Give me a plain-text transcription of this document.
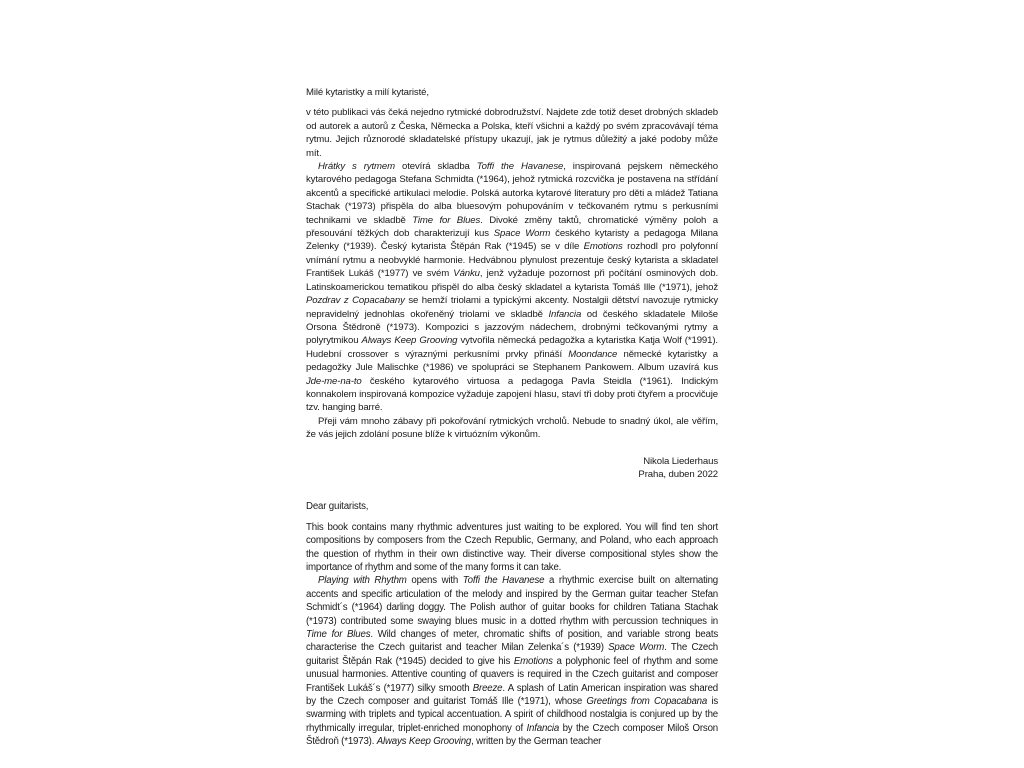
Milé kytaristky a milí kytaristé,

v této publikaci vás čeká nejedno rytmické dobrodružství. Najdete zde totiž deset drobných skladeb od autorek a autorů z Česka, Německa a Polska, kteří všichni a každý po svém zpracovávají téma rytmu. Jejich různorodé skladatelské přístupy ukazují, jak je rytmus důležitý a jaké podoby může mít.

Hrátky s rytmem otevírá skladba Toffi the Havanese, inspirovaná pejskem německého kytarového pedagoga Stefana Schmidta (*1964), jehož rytmická rozcvička je postavena na střídání akcentů a specifické artikulaci melodie. Polská autorka kytarové literatury pro děti a mládež Tatiana Stachak (*1973) přispěla do alba bluesovým pohupováním v tečkovaném rytmu s perkusními technikami ve skladbě Time for Blues. Divoké změny taktů, chromatické výměny poloh a přesouvání těžkých dob charakterizují kus Space Worm českého kytaristy a pedagoga Milana Zelenky (*1939). Český kytarista Štěpán Rak (*1945) se v díle Emotions rozhodl pro polyfonní vnímání rytmu a neobvyklé harmonie. Hedvábnou plynulost prezentuje český kytarista a skladatel František Lukáš (*1977) ve svém Vánku, jenž vyžaduje pozornost při počítání osminových dob. Latinskoamerickou tematikou přispěl do alba český skladatel a kytarista Tomáš Ille (*1971), jehož Pozdrav z Copacabany se hemží triolami a typickými akcenty. Nostalgii dětství navozuje rytmicky nepravidelný jednohlas okořeněný triolami ve skladbě Infancia od českého skladatele Miloše Orsona Štědroně (*1973). Kompozici s jazzovým nádechem, drobnými tečkovanými rytmy a polyrytmikou Always Keep Grooving vytvořila německá pedagožka a kytaristka Katja Wolf (*1991). Hudební crossover s výraznými perkusními prvky přináší Moondance německé kytaristky a pedagožky Jule Malischke (*1986) ve spolupráci se Stephanem Pankowem. Album uzavírá kus Jde-me-na-to českého kytarového virtuosa a pedagoga Pavla Steidla (*1961). Indickým konnakolem inspirovaná kompozice vyžaduje zapojení hlasu, staví tři doby proti čtyřem a procvičuje tzv. hanging barré.

Přeji vám mnoho zábavy při pokořování rytmických vrcholů. Nebude to snadný úkol, ale věřím, že vás jejich zdolání posune blíže k virtuózním výkonům.

Nikola Liederhaus

Praha, duben 2022

Dear guitarists,

This book contains many rhythmic adventures just waiting to be explored. You will find ten short compositions by composers from the Czech Republic, Germany, and Poland, who each approach the question of rhythm in their own distinctive way. Their diverse compositional styles show the importance of rhythm and some of the many forms it can take.

Playing with Rhythm opens with Toffi the Havanese a rhythmic exercise built on alternating accents and specific articulation of the melody and inspired by the German guitar teacher Stefan Schmidt´s (*1964) darling doggy. The Polish author of guitar books for children Tatiana Stachak (*1973) contributed some swaying blues music in a dotted rhythm with percussion techniques in Time for Blues. Wild changes of meter, chromatic shifts of position, and variable strong beats characterise the Czech guitarist and teacher Milan Zelenka´s (*1939) Space Worm. The Czech guitarist Štěpán Rak (*1945) decided to give his Emotions a polyphonic feel of rhythm and some unusual harmonies. Attentive counting of quavers is required in the Czech guitarist and composer František Lukáš´s (*1977) silky smooth Breeze. A splash of Latin American inspiration was shared by the Czech composer and guitarist Tomáš Ille (*1971), whose Greetings from Copacabana is swarming with triplets and typical accentuation. A spirit of childhood nostalgia is conjured up by the rhythmically irregular, triplet-enriched monophony of Infancia by the Czech composer Miloš Orson Štědroň (*1973). Always Keep Grooving, written by the German teacher
